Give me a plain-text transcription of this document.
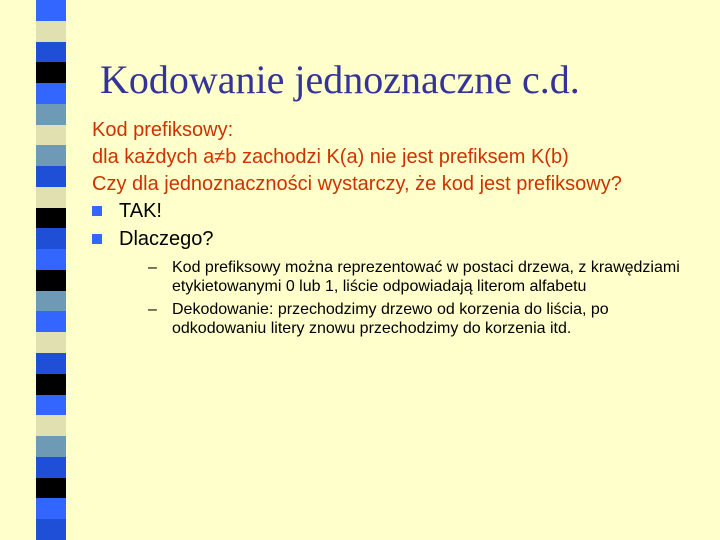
Kodowanie jednoznaczne c.d.

Kod prefiksowy:

dla każdych a≠b zachodzi K(a) nie jest prefiksem K(b)

Czy dla jednoznaczności wystarczy, że kod jest prefiksowy?

TAK!
Dlaczego?
– Kod prefiksowy można reprezentować w postaci drzewa, z krawędziami etykietowanymi 0 lub 1, liście odpowiadają literom alfabetu
– Dekodowanie: przechodzimy drzewo od korzenia do liścia, po odkodowaniu litery znowu przechodzimy do korzenia itd.
